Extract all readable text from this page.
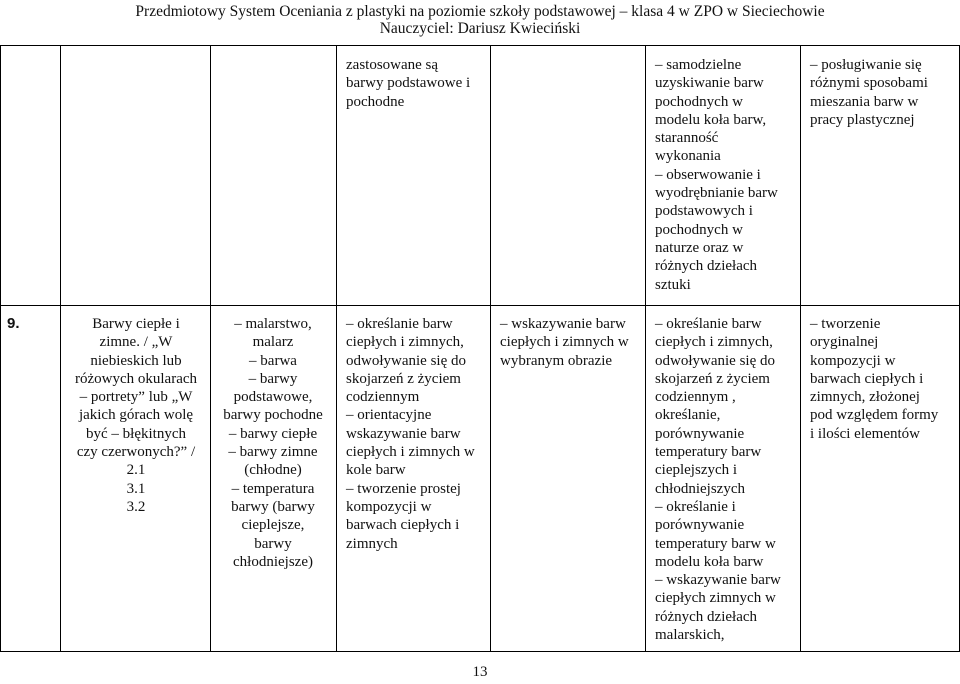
Przedmiotowy System Oceniania z plastyki na poziomie szkoły podstawowej – klasa 4 w ZPO w Sieciechowie
Nauczyciel: Dariusz Kwieciński
zastosowane są
barwy podstawowe i
pochodne
– samodzielne
uzyskiwanie barw
pochodnych w
modelu koła barw,
staranność
wykonania
– obserwowanie i
wyodrębnianie barw
podstawowych i
pochodnych w
naturze oraz w
różnych dziełach
sztuki
– posługiwanie się
różnymi sposobami
mieszania barw w
pracy plastycznej
9.	Barwy ciepłe i
zimne. / „W
niebieskich lub
różowych okularach
– portrety” lub „W
jakich górach wolę
być – błękitnych
czy czerwonych?” /
2.1
3.1
3.2
– malarstwo,
malarz
– barwa
– barwy
podstawowe,
barwy pochodne
– barwy ciepłe
– barwy zimne
(chłodne)
– temperatura
barwy (barwy
cieplejsze,
barwy
chłodniejsze)
– określanie barw
ciepłych i zimnych,
odwoływanie się do
skojarzeń z życiem
codziennym
– orientacyjne
wskazywanie barw
ciepłych i zimnych w
kole barw
– tworzenie prostej
kompozycji w
barwach ciepłych i
zimnych
– wskazywanie barw
ciepłych i zimnych w
wybranym obrazie
– określanie barw
ciepłych i zimnych,
odwoływanie się do
skojarzeń z życiem
codziennym ,
określanie,
porównywanie
temperatury barw
cieplejszych i
chłodniejszych
– określanie i
porównywanie
temperatury barw w
modelu koła barw
– wskazywanie barw
ciepłych zimnych w
różnych dziełach
malarskich,
– tworzenie
oryginalnej
kompozycji w
barwach ciepłych i
zimnych, złożonej
pod względem formy
i ilości elementów
13
